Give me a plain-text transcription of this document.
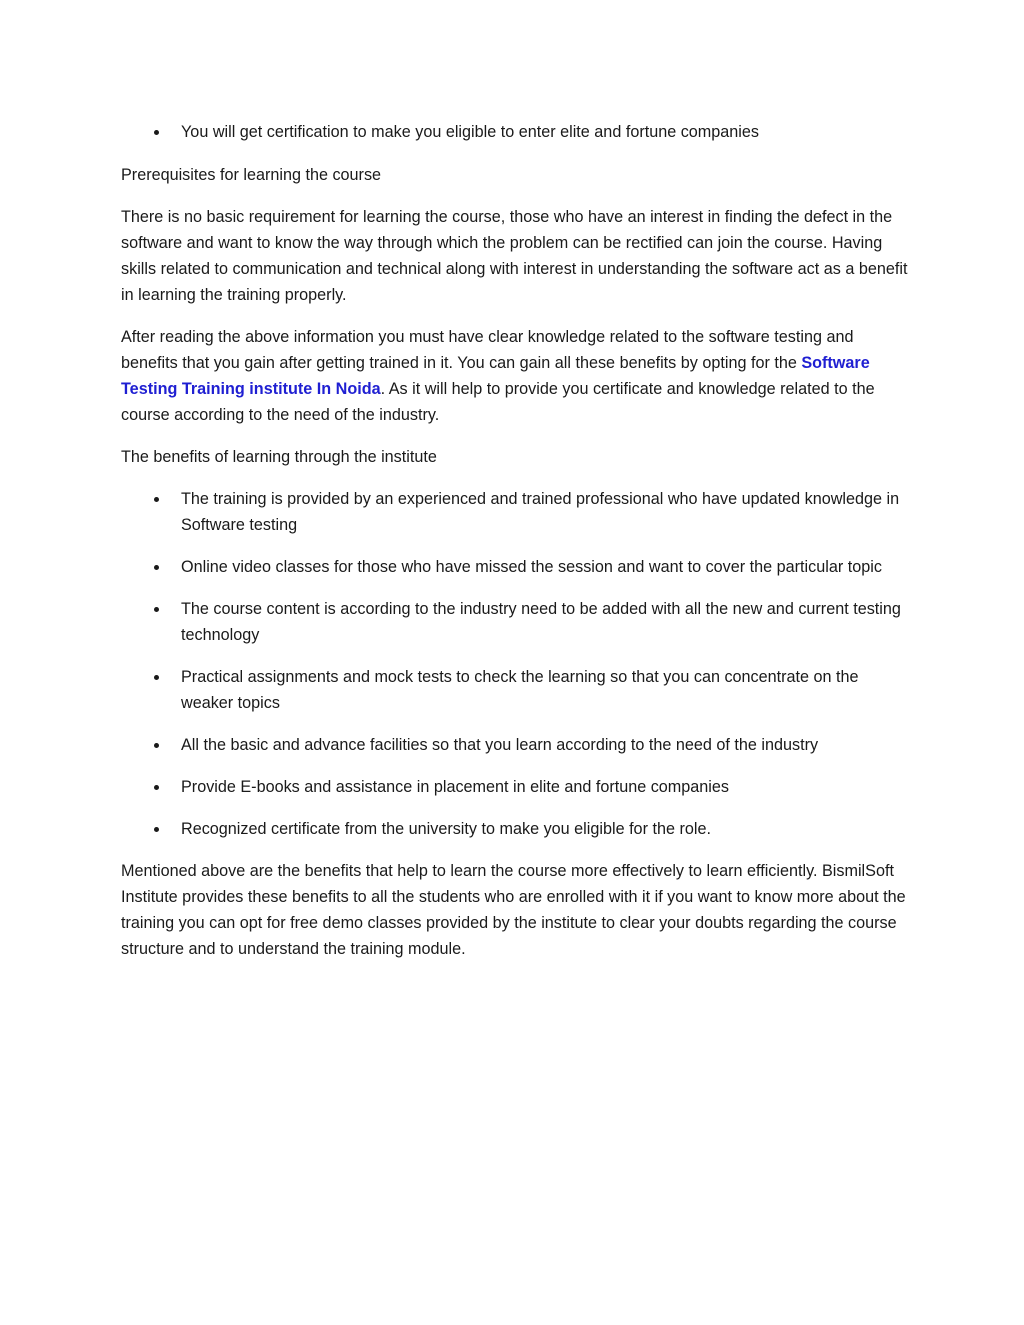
You will get certification to make you eligible to enter elite and fortune companies

Prerequisites for learning the course

There is no basic requirement for learning the course, those who have an interest in finding the defect in the software and want to know the way through which the problem can be rectified can join the course. Having skills related to communication and technical along with interest in understanding the software act as a benefit in learning the training properly.

After reading the above information you must have clear knowledge related to the software testing and benefits that you gain after getting trained in it. You can gain all these benefits by opting for the Software Testing Training institute In Noida. As it will help to provide you certificate and knowledge related to the course according to the need of the industry.

The benefits of learning through the institute

The training is provided by an experienced and trained professional who have updated knowledge in Software testing
Online video classes for those who have missed the session and want to cover the particular topic
The course content is according to the industry need to be added with all the new and current testing technology
Practical assignments and mock tests to check the learning so that you can concentrate on the weaker topics
All the basic and advance facilities so that you learn according to the need of the industry
Provide E-books and assistance in placement in elite and fortune companies
Recognized certificate from the university to make you eligible for the role.

Mentioned above are the benefits that help to learn the course more effectively to learn efficiently. BismilSoft Institute provides these benefits to all the students who are enrolled with it if you want to know more about the training you can opt for free demo classes provided by the institute to clear your doubts regarding the course structure and to understand the training module.
